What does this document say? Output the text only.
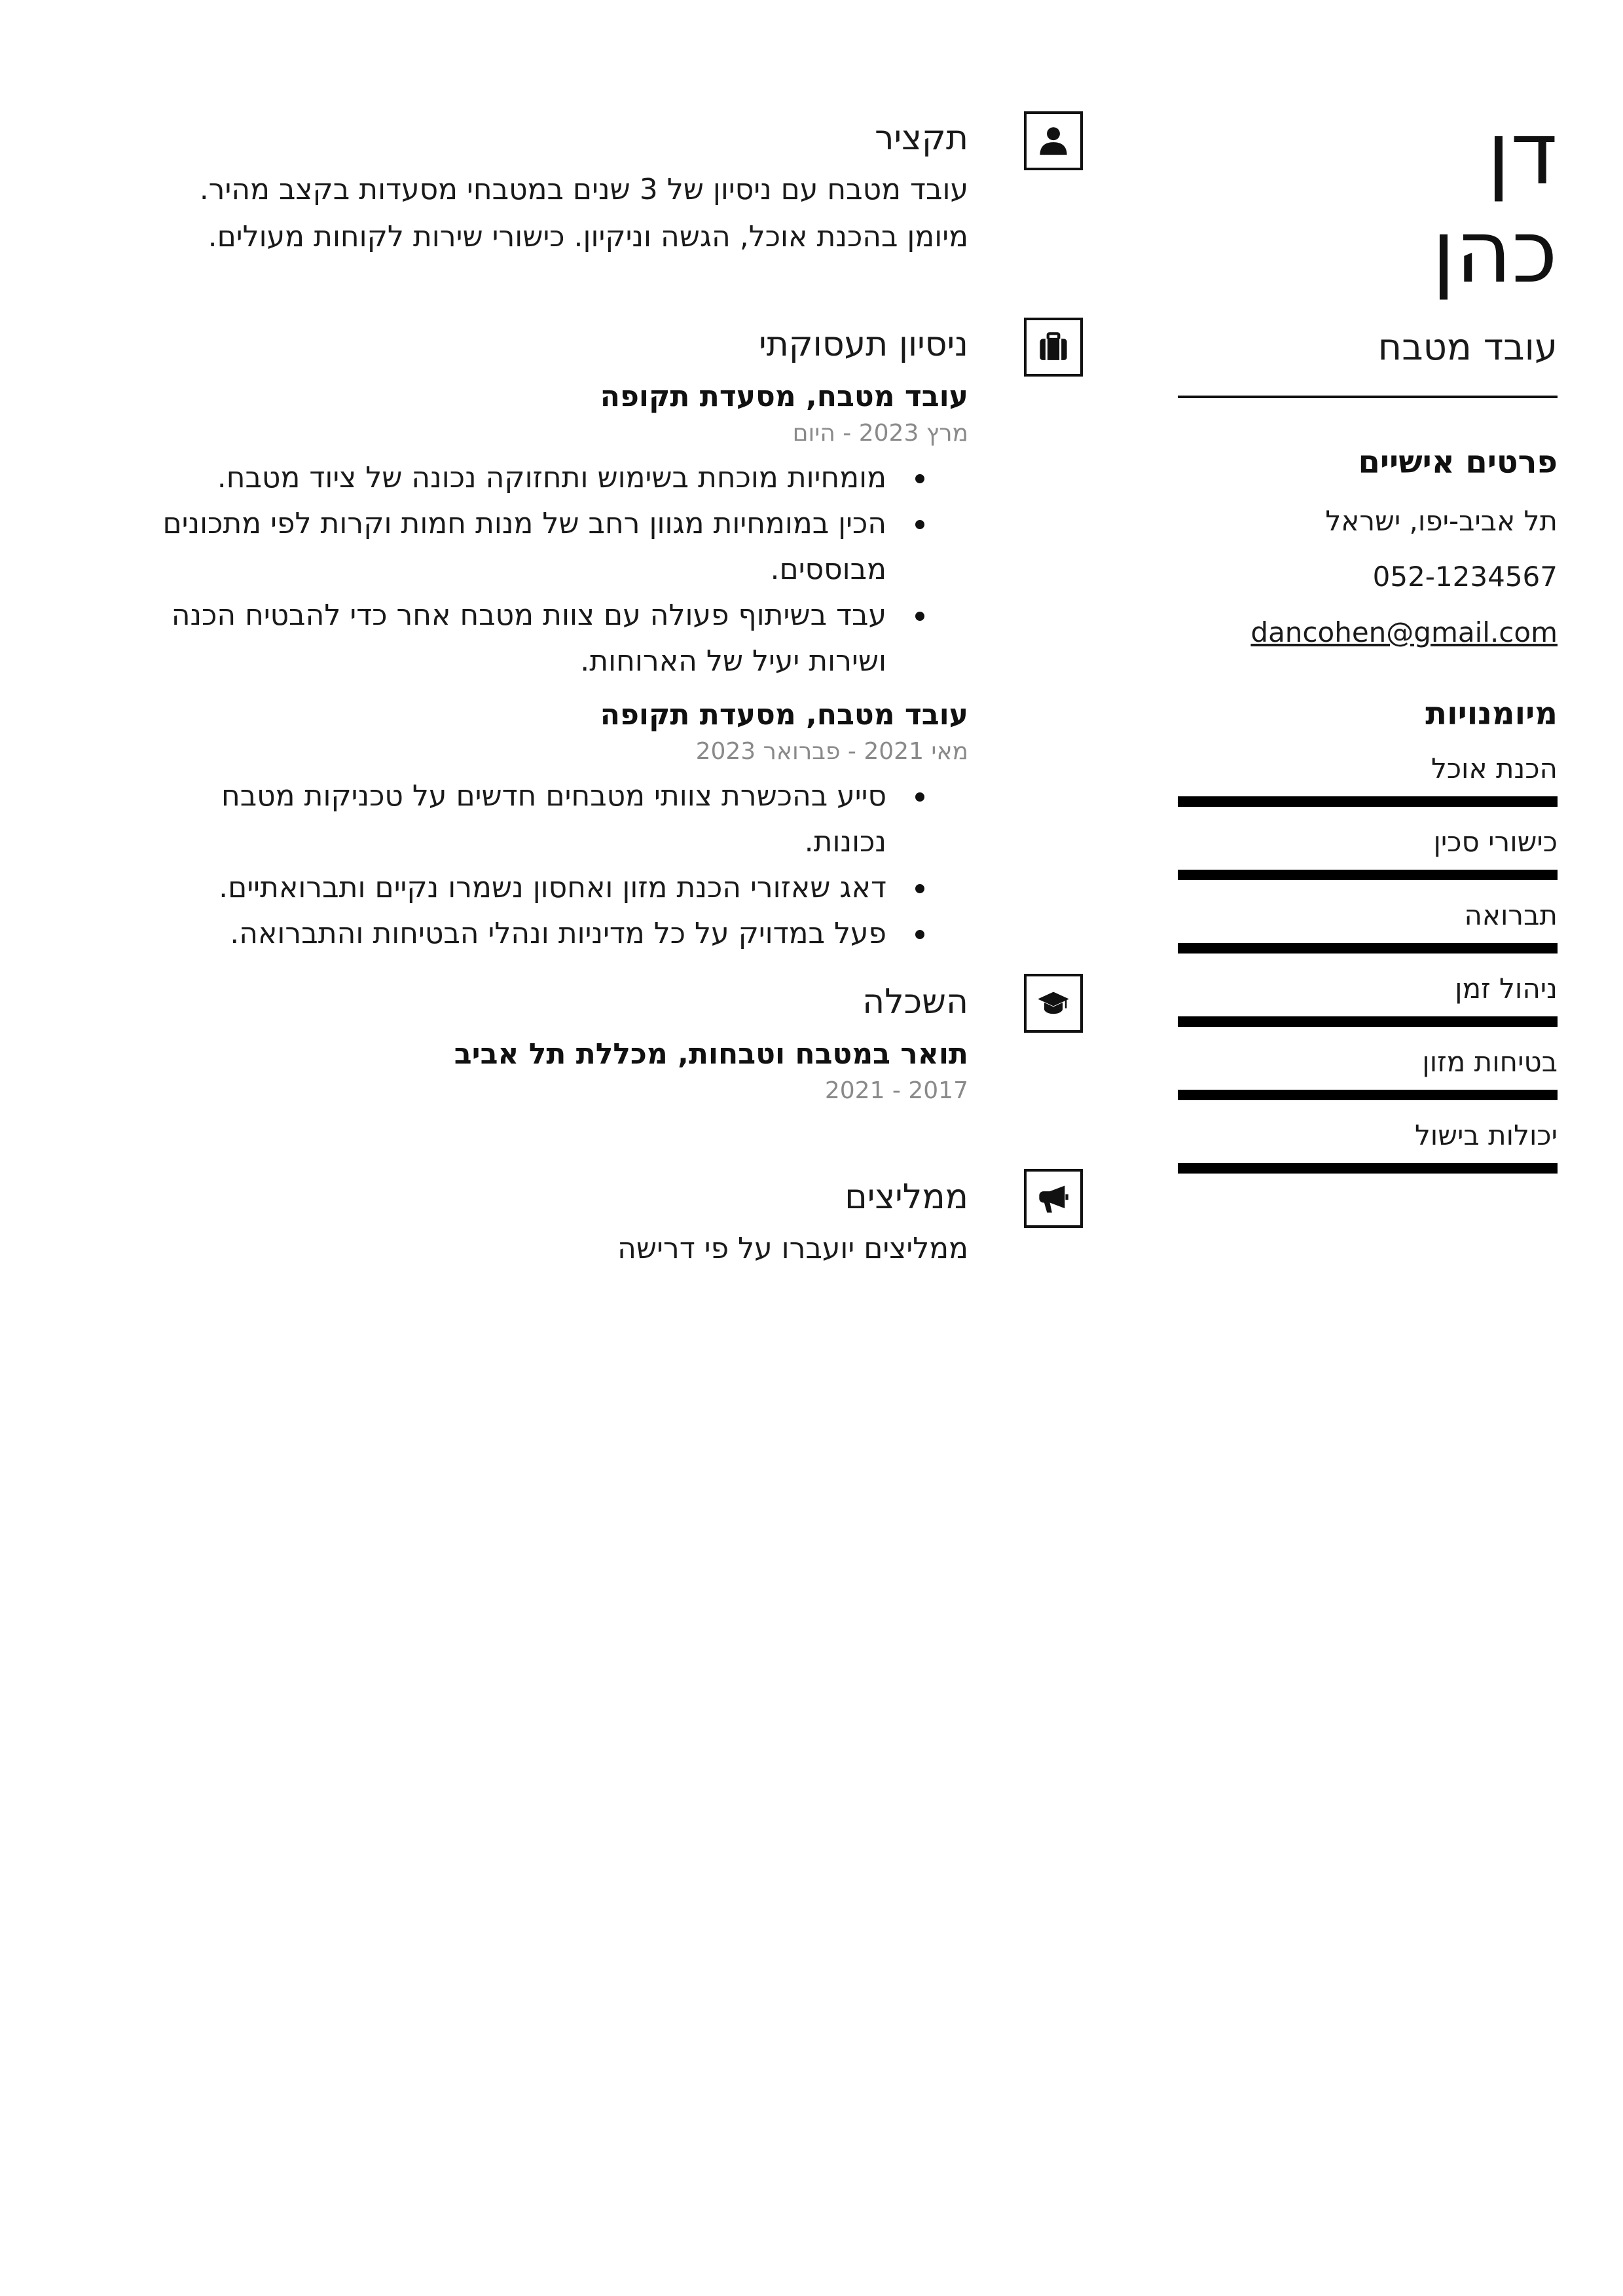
דן
כהן
עובד מטבח
פרטים אישיים
תל אביב-יפו, ישראל
052-1234567
dancohen@gmail.com
מיומנויות
הכנת אוכל
כישורי סכין
תברואה
ניהול זמן
בטיחות מזון
יכולות בישול
תקציר
עובד מטבח עם ניסיון של 3 שנים במטבחי מסעדות בקצב מהיר. מיומן בהכנת אוכל, הגשה וניקיון. כישורי שירות לקוחות מעולים.
ניסיון תעסוקתי
עובד מטבח, מסעדת תקופה
מרץ 2023 - היום
מומחיות מוכחת בשימוש ותחזוקה נכונה של ציוד מטבח.
הכין במומחיות מגוון רחב של מנות חמות וקרות לפי מתכונים מבוססים.
עבד בשיתוף פעולה עם צוות מטבח אחר כדי להבטיח הכנה ושירות יעיל של הארוחות.
עובד מטבח, מסעדת תקופה
מאי 2021 - פברואר 2023
סייע בהכשרת צוותי מטבחים חדשים על טכניקות מטבח נכונות.
דאג שאזורי הכנת מזון ואחסון נשמרו נקיים ותברואתיים.
פעל במדויק על כל מדיניות ונהלי הבטיחות והתברואה.
השכלה
תואר במטבח וטבחות, מכללת תל אביב
2017 - 2021
ממליצים
ממליצים יועברו על פי דרישה
